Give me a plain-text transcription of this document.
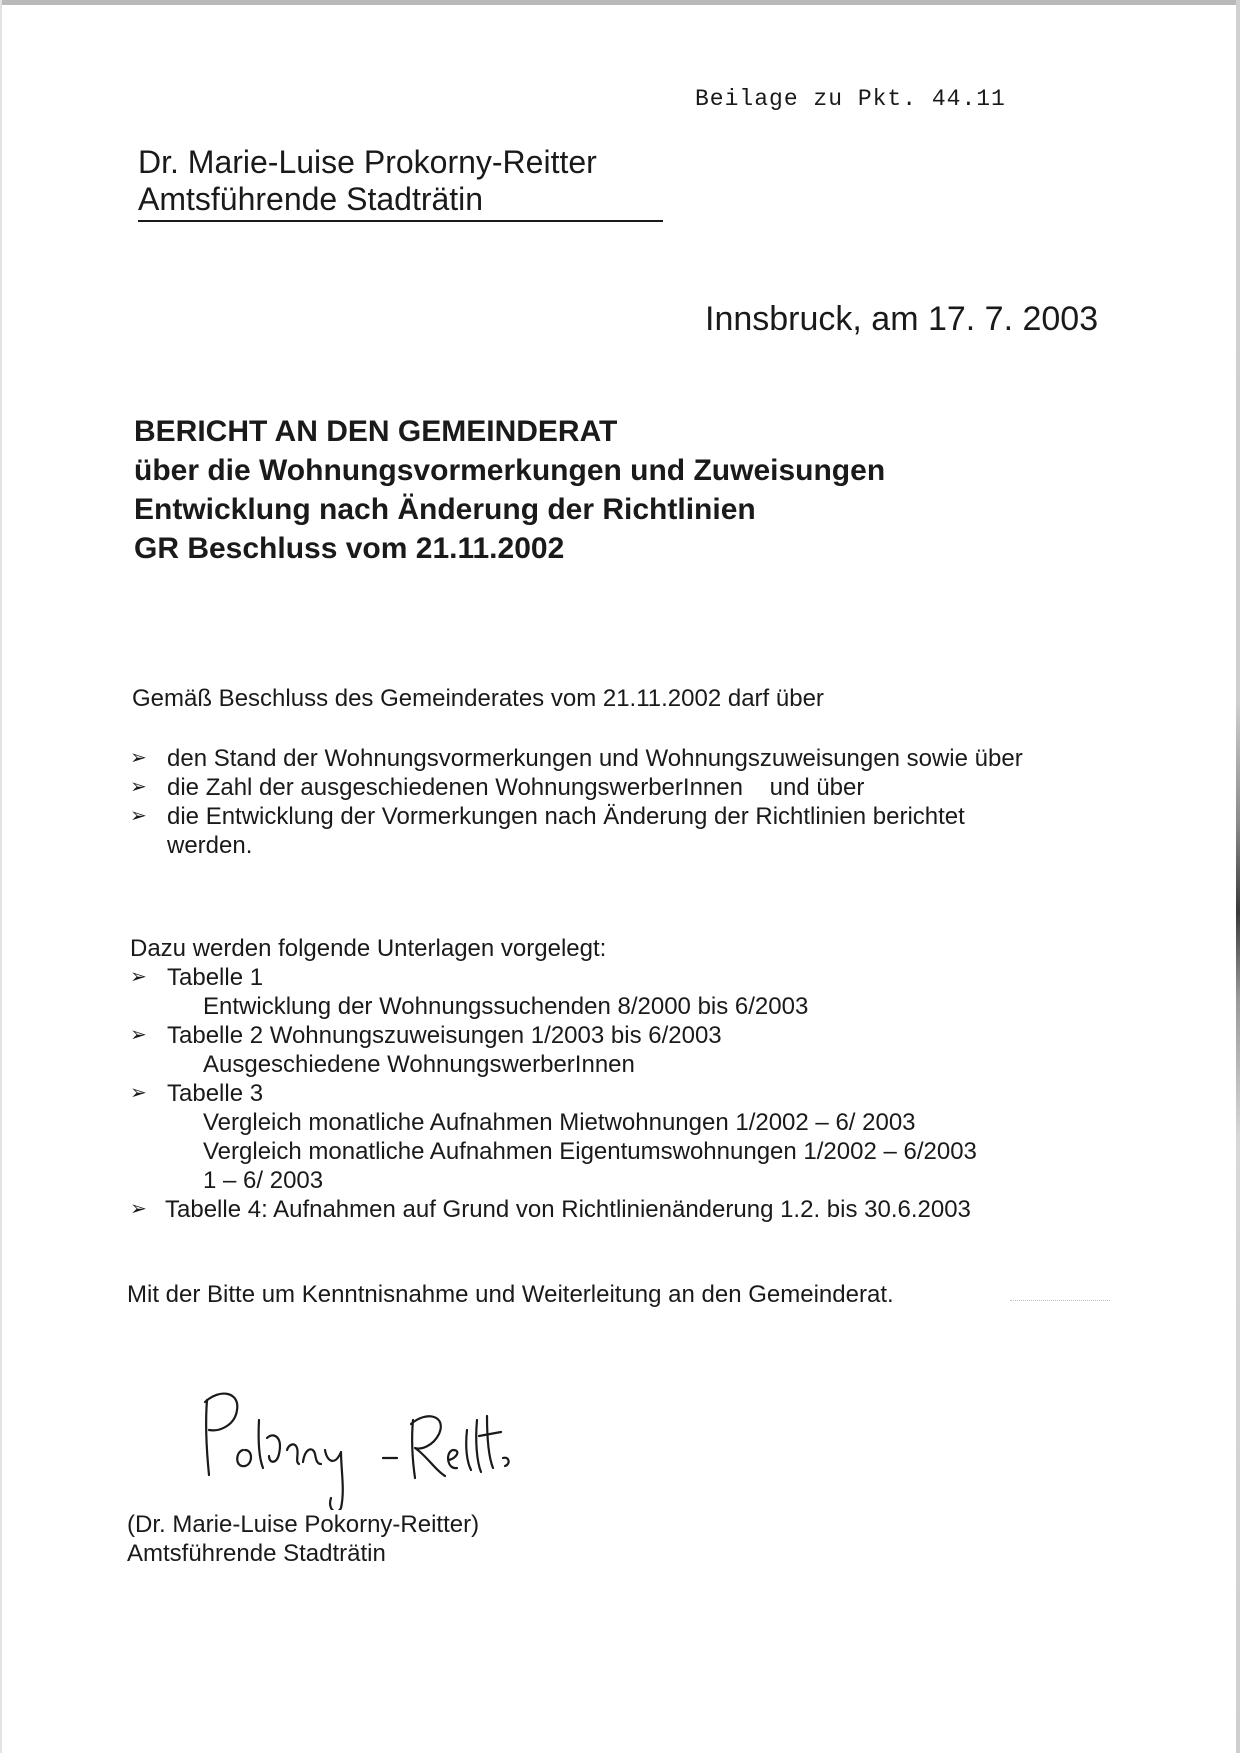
Beilage zu Pkt. 44.11
Dr. Marie-Luise Prokorny-Reitter
Amtsführende Stadträtin
Innsbruck, am 17. 7. 2003
BERICHT AN DEN GEMEINDERAT
über die Wohnungsvormerkungen und Zuweisungen
Entwicklung nach Änderung der Richtlinien
GR Beschluss vom 21.11.2002
Gemäß Beschluss des Gemeinderates vom 21.11.2002 darf über
➢ den Stand der Wohnungsvormerkungen und Wohnungszuweisungen sowie über
➢ die Zahl der ausgeschiedenen WohnungswerberInnen    und über
➢ die Entwicklung der Vormerkungen nach Änderung der Richtlinien berichtet
werden.
Dazu werden folgende Unterlagen vorgelegt:
➢ Tabelle 1
Entwicklung der Wohnungssuchenden 8/2000 bis 6/2003
➢ Tabelle 2 Wohnungszuweisungen 1/2003 bis 6/2003
Ausgeschiedene WohnungswerberInnen
➢ Tabelle 3
Vergleich monatliche Aufnahmen Mietwohnungen 1/2002 – 6/ 2003
Vergleich monatliche Aufnahmen Eigentumswohnungen 1/2002 – 6/2003
1 – 6/ 2003
➢ Tabelle 4: Aufnahmen auf Grund von Richtlinienänderung 1.2. bis 30.6.2003
Mit der Bitte um Kenntnisnahme und Weiterleitung an den Gemeinderat.
(Dr. Marie-Luise Pokorny-Reitter)
Amtsführende Stadträtin
